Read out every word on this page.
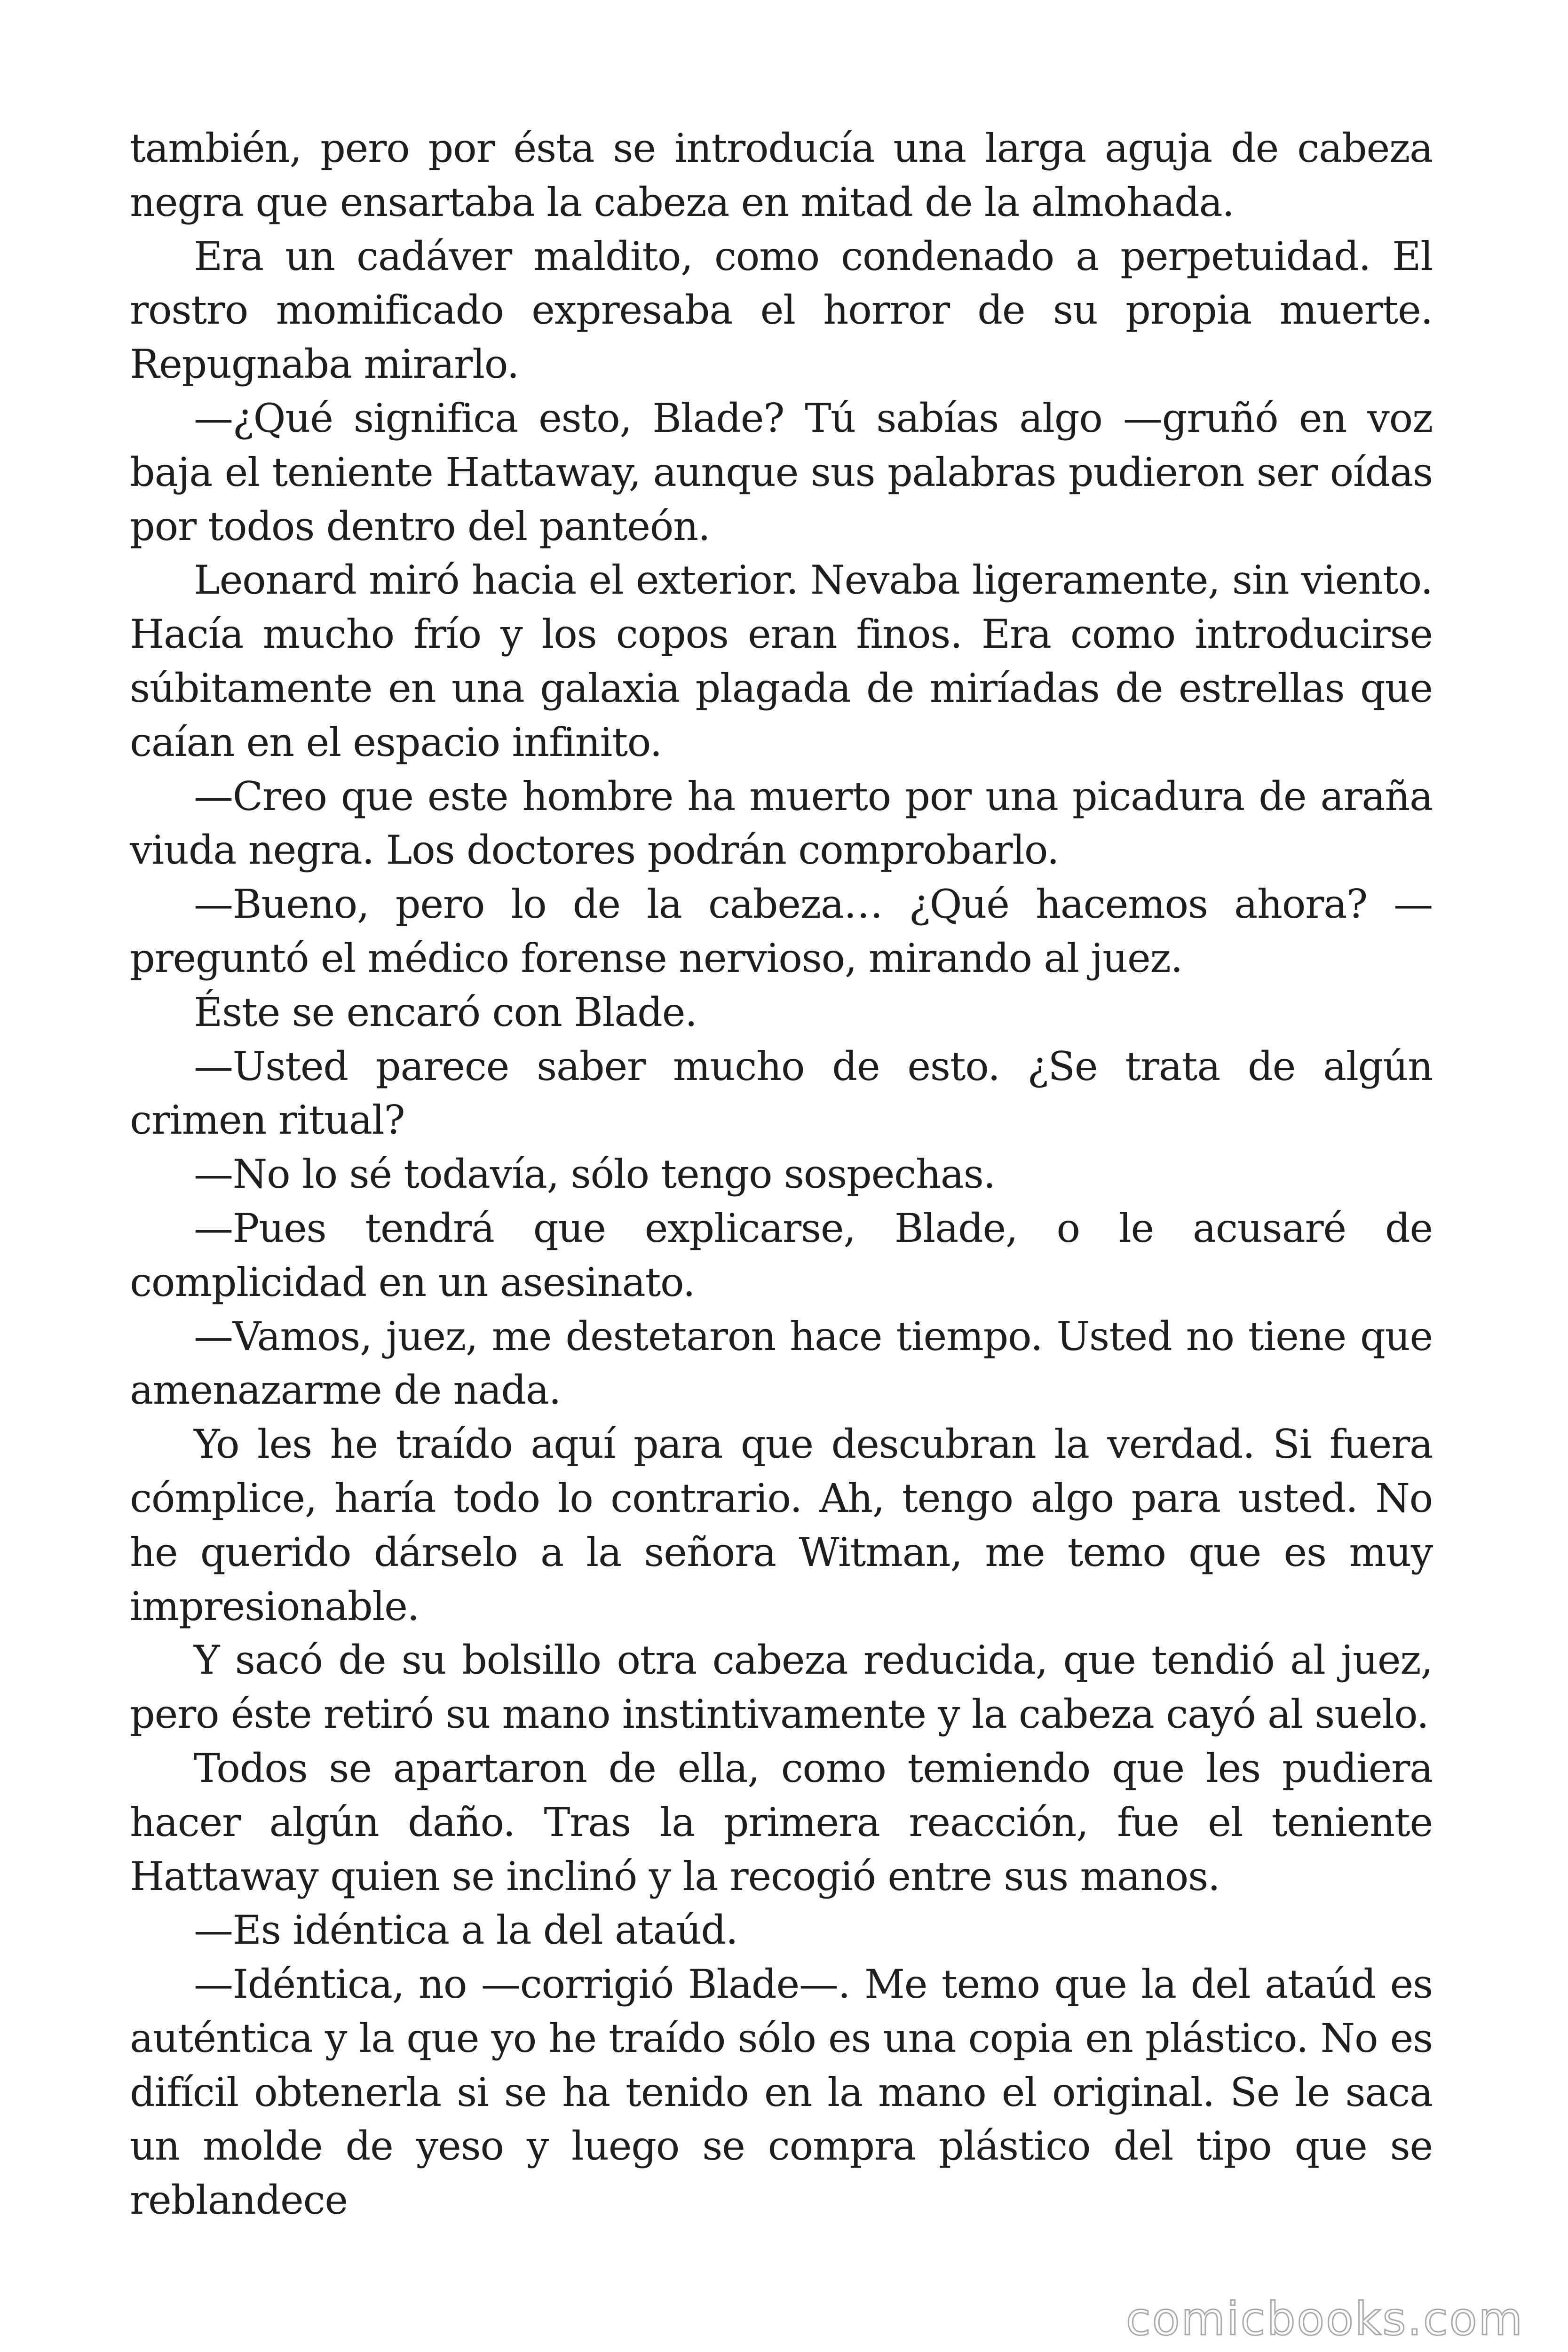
también, pero por ésta se introducía una larga aguja de cabeza negra que ensartaba la cabeza en mitad de la almohada.

Era un cadáver maldito, como condenado a perpetuidad. El rostro momificado expresaba el horror de su propia muerte. Repugnaba mirarlo.

—¿Qué significa esto, Blade? Tú sabías algo —gruñó en voz baja el teniente Hattaway, aunque sus palabras pudieron ser oídas por todos dentro del panteón.

Leonard miró hacia el exterior. Nevaba ligeramente, sin viento. Hacía mucho frío y los copos eran finos. Era como introducirse súbitamente en una galaxia plagada de miríadas de estrellas que caían en el espacio infinito.

—Creo que este hombre ha muerto por una picadura de araña viuda negra. Los doctores podrán comprobarlo.

—Bueno, pero lo de la cabeza… ¿Qué hacemos ahora? —preguntó el médico forense nervioso, mirando al juez.

Éste se encaró con Blade.

—Usted parece saber mucho de esto. ¿Se trata de algún crimen ritual?

—No lo sé todavía, sólo tengo sospechas.

—Pues tendrá que explicarse, Blade, o le acusaré de complicidad en un asesinato.

—Vamos, juez, me destetaron hace tiempo. Usted no tiene que amenazarme de nada.

Yo les he traído aquí para que descubran la verdad. Si fuera cómplice, haría todo lo contrario. Ah, tengo algo para usted. No he querido dárselo a la señora Witman, me temo que es muy impresionable.

Y sacó de su bolsillo otra cabeza reducida, que tendió al juez, pero éste retiró su mano instintivamente y la cabeza cayó al suelo.

Todos se apartaron de ella, como temiendo que les pudiera hacer algún daño. Tras la primera reacción, fue el teniente Hattaway quien se inclinó y la recogió entre sus manos.

—Es idéntica a la del ataúd.

—Idéntica, no —corrigió Blade—. Me temo que la del ataúd es auténtica y la que yo he traído sólo es una copia en plástico. No es difícil obtenerla si se ha tenido en la mano el original. Se le saca un molde de yeso y luego se compra plástico del tipo que se reblandece

comicbooks.com
